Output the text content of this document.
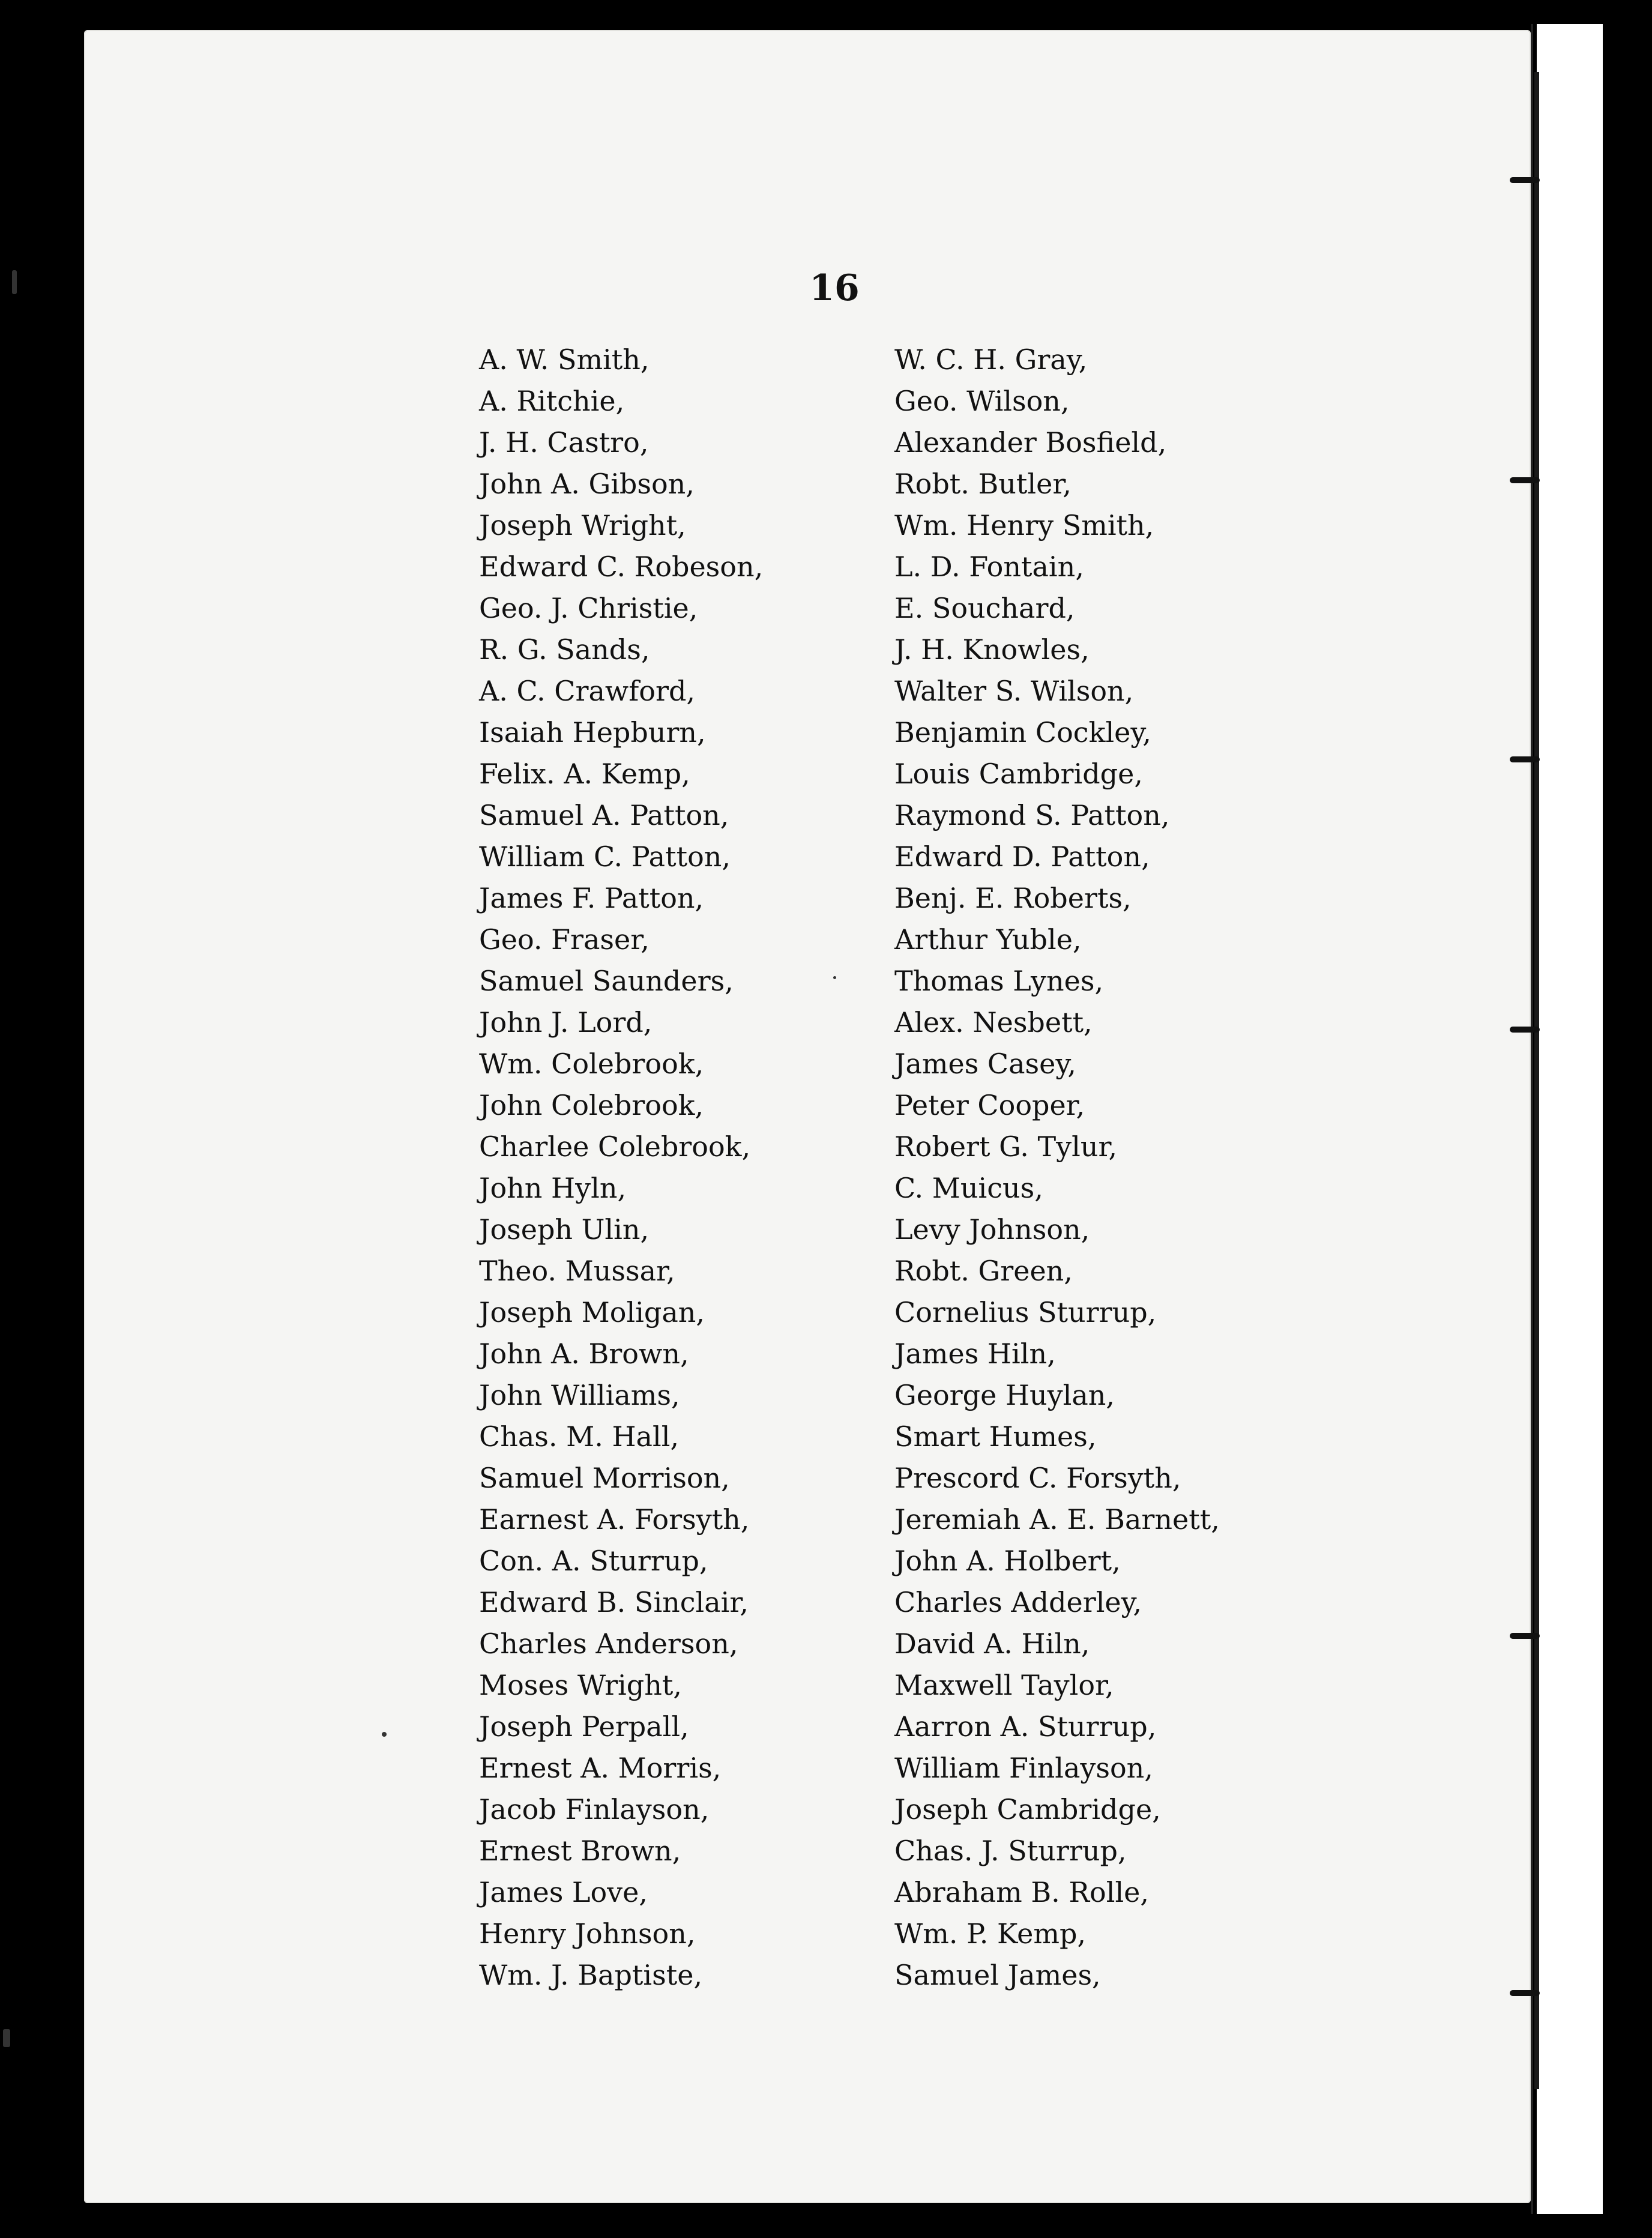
16
A. W. Smith,
A. Ritchie,
J. H. Castro,
John A. Gibson,
Joseph Wright,
Edward C. Robeson,
Geo. J. Christie,
R. G. Sands,
A. C. Crawford,
Isaiah Hepburn,
Felix. A. Kemp,
Samuel A. Patton,
William C. Patton,
James F. Patton,
Geo. Fraser,
Samuel Saunders,
John J. Lord,
Wm. Colebrook,
John Colebrook,
Charlee Colebrook,
John Hyln,
Joseph Ulin,
Theo. Mussar,
Joseph Moligan,
John A. Brown,
John Williams,
Chas. M. Hall,
Samuel Morrison,
Earnest A. Forsyth,
Con. A. Sturrup,
Edward B. Sinclair,
Charles Anderson,
Moses Wright,
Joseph Perpall,
Ernest A. Morris,
Jacob Finlayson,
Ernest Brown,
James Love,
Henry Johnson,
Wm. J. Baptiste,
W. C. H. Gray,
Geo. Wilson,
Alexander Bosfield,
Robt. Butler,
Wm. Henry Smith,
L. D. Fontain,
E. Souchard,
J. H. Knowles,
Walter S. Wilson,
Benjamin Cockley,
Louis Cambridge,
Raymond S. Patton,
Edward D. Patton,
Benj. E. Roberts,
Arthur Yuble,
Thomas Lynes,
Alex. Nesbett,
James Casey,
Peter Cooper,
Robert G. Tylur,
C. Muicus,
Levy Johnson,
Robt. Green,
Cornelius Sturrup,
James Hiln,
George Huylan,
Smart Humes,
Prescord C. Forsyth,
Jeremiah A. E. Barnett,
John A. Holbert,
Charles Adderley,
David A. Hiln,
Maxwell Taylor,
Aarron A. Sturrup,
William Finlayson,
Joseph Cambridge,
Chas. J. Sturrup,
Abraham B. Rolle,
Wm. P. Kemp,
Samuel James,
